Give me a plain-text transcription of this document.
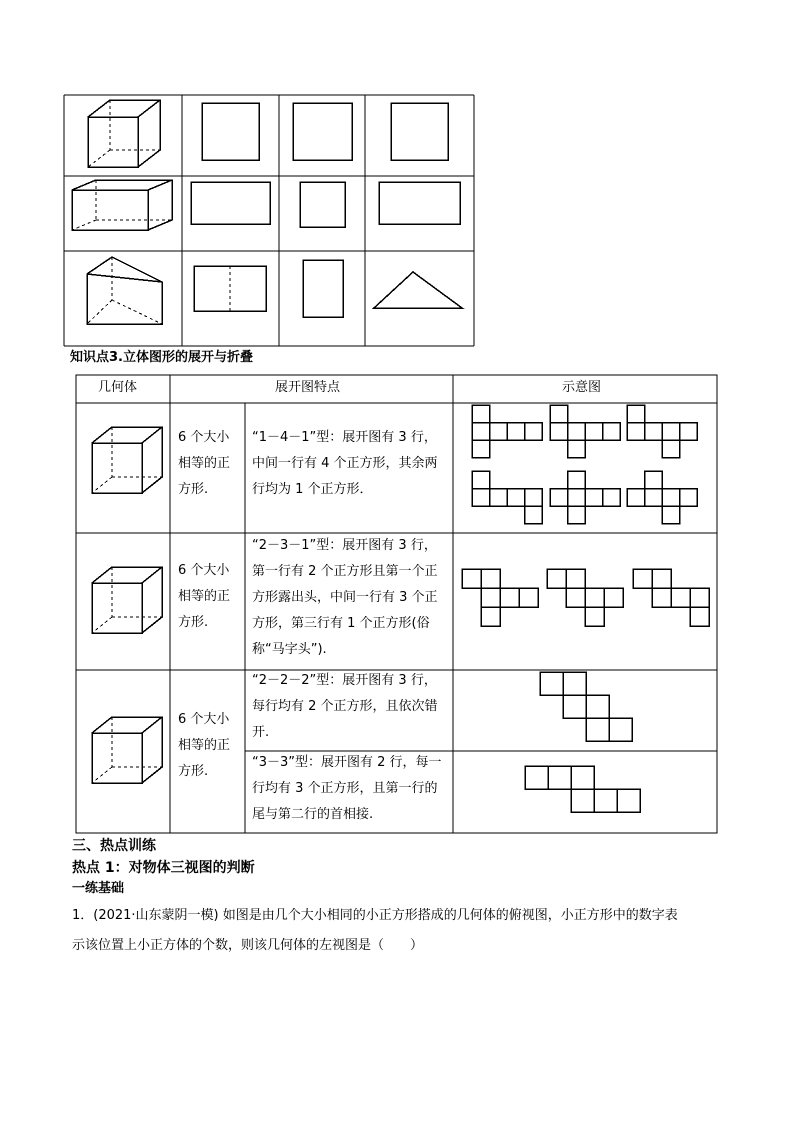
知识点3.立体图形的展开与折叠
几何体	展开图特点	示意图
6 个大小
相等的正
方形.
“1－4－1”型：展开图有 3 行，
中间一行有 4 个正方形，其余两
行均为 1 个正方形．
6 个大小
相等的正
方形.
“2－3－1”型：展开图有 3 行，
第一行有 2 个正方形且第一个正
方形露出头，中间一行有 3 个正
方形，第三行有 1 个正方形(俗
称“马字头”).
6 个大小
相等的正
方形.
“2－2－2”型：展开图有 3 行，
每行均有 2 个正方形，且依次错
开.
“3－3”型：展开图有 2 行，每一
行均有 3 个正方形，且第一行的
尾与第二行的首相接.
三、热点训练
热点 1：对物体三视图的判断
一练基础
1．(2021·山东蒙阴一模) 如图是由几个大小相同的小正方形搭成的几何体的俯视图，小正方形中的数字表
示该位置上小正方体的个数，则该几何体的左视图是（　　）
